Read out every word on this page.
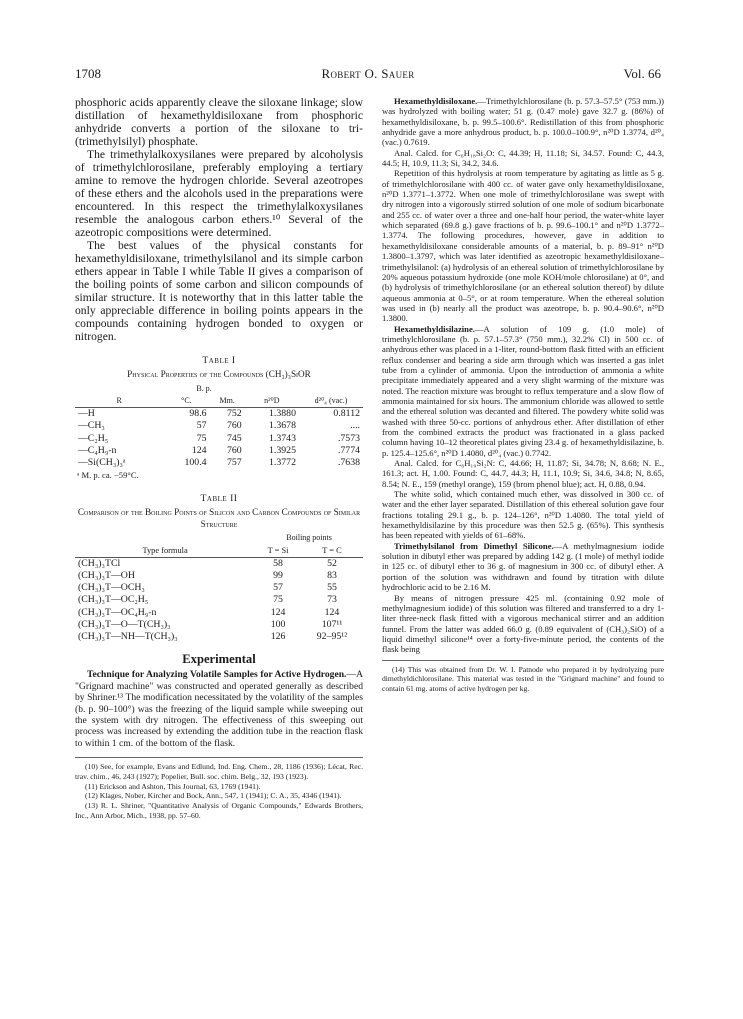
1708	Robert O. Sauer	Vol. 66

phosphoric acids apparently cleave the siloxane linkage; slow distillation of hexamethyldisiloxane from phosphoric anhydride converts a portion of the siloxane to tri-(trimethylsilyl) phosphate.

The trimethylalkoxysilanes were prepared by alcoholysis of trimethylchlorosilane, preferably employing a tertiary amine to remove the hydrogen chloride. Several azeotropes of these ethers and the alcohols used in the preparations were encountered. In this respect the trimethylalkoxysilanes resemble the analogous carbon ethers.¹⁰ Several of the azeotropic compositions were determined.

The best values of the physical constants for hexamethyldisiloxane, trimethylsilanol and its simple carbon ethers appear in Table I while Table II gives a comparison of the boiling points of some carbon and silicon compounds of similar structure. It is noteworthy that in this latter table the only appreciable difference in boiling points appears in the compounds containing hydrogen bonded to oxygen or nitrogen.

Table I
Physical Properties of the Compounds (CH₃)₃SiOR
	B. p.			
R	°C.	Mm.	n²⁰D	d²⁰₄ (vac.)
—H	98.6	752	1.3880	0.8112
—CH₃	57	760	1.3678	....
—C₂H₅	75	745	1.3743	.7573
—C₄H₉-n	124	760	1.3925	.7774
—Si(CH₃)₃ᵃ	100.4	757	1.3772	.7638
ᵃ M. p. ca. −59°C.
Table II
Comparison of the Boiling Points of Silicon and Carbon Compounds of Similar Structure
	Boiling points	
Type formula	T = Si	T = C
(CH₃)₃TCl	58	52
(CH₃)₃T—OH	99	83
(CH₃)₃T—OCH₃	57	55
(CH₃)₃T—OC₂H₅	75	73
(CH₃)₃T—OC₄H₉-n	124	124
(CH₃)₃T—O—T(CH₃)₃	100	107¹¹
(CH₃)₃T—NH—T(CH₃)₃	126	92–95¹²
Experimental

Technique for Analyzing Volatile Samples for Active Hydrogen.—A "Grignard machine" was constructed and operated generally as described by Shriner.¹³ The modification necessitated by the volatility of the samples (b. p. 90–100°) was the freezing of the liquid sample while sweeping out the system with dry nitrogen. The effectiveness of this sweeping out process was increased by extending the addition tube in the reaction flask to within 1 cm. of the bottom of the flask.

(10) See, for example, Evans and Edlund, Ind. Eng. Chem., 28, 1186 (1936); Lécat, Rec. trav. chim., 46, 243 (1927); Popelier, Bull. soc. chim. Belg., 32, 193 (1923).
(11) Erickson and Ashton, This Journal, 63, 1769 (1941).
(12) Klages, Nober, Kircher and Bock, Ann., 547, 1 (1941); C. A., 35, 4346 (1941).
(13) R. L. Shriner, "Quantitative Analysis of Organic Compounds," Edwards Brothers, Inc., Ann Arbor, Mich., 1938, pp. 57–60.

Hexamethyldisiloxane.—Trimethylchlorosilane (b. p. 57.3–57.5° (753 mm.)) was hydrolyzed with boiling water; 51 g. (0.47 mole) gave 32.7 g. (86%) of hexamethyldisiloxane, b. p. 99.5–100.6°. Redistillation of this from phosphoric anhydride gave a more anhydrous product, b. p. 100.0–100.9°, n²⁰D 1.3774, d²⁰₄ (vac.) 0.7619.

Anal. Calcd. for C₆H₁₈Si₂O: C, 44.39; H, 11.18; Si, 34.57. Found: C, 44.3, 44.5; H, 10.9, 11.3; Si, 34.2, 34.6.

Repetition of this hydrolysis at room temperature by agitating as little as 5 g. of trimethylchlorosilane with 400 cc. of water gave only hexamethyldisiloxane, n²⁰D 1.3771–1.3772. When one mole of trimethylchlorosilane was swept with dry nitrogen into a vigorously stirred solution of one mole of sodium bicarbonate and 255 cc. of water over a three and one-half hour period, the water-white layer which separated (69.8 g.) gave fractions of b. p. 99.6–100.1° and n²⁰D 1.3772–1.3774. The following procedures, however, gave in addition to hexamethyldisiloxane considerable amounts of a material, b. p. 89–91° n²⁰D 1.3800–1.3797, which was later identified as azeotropic hexamethyldisiloxane–trimethylsilanol: (a) hydrolysis of an ethereal solution of trimethylchlorosilane by 20% aqueous potassium hydroxide (one mole KOH/mole chlorosilane) at 0°, and (b) hydrolysis of trimethylchlorosilane (or an ethereal solution thereof) by dilute aqueous ammonia at 0–5°, or at room temperature. When the ethereal solution was used in (b) nearly all the product was azeotrope, b. p. 90.4–90.6°, n²⁰D 1.3800.

Hexamethyldisilazine.—A solution of 109 g. (1.0 mole) of trimethylchlorosilane (b. p. 57.1–57.3° (750 mm.), 32.2% Cl) in 500 cc. of anhydrous ether was placed in a 1-liter, round-bottom flask fitted with an efficient reflux condenser and bearing a side arm through which was inserted a gas inlet tube from a cylinder of ammonia. Upon the introduction of ammonia a white precipitate immediately appeared and a very slight warming of the mixture was noted. The reaction mixture was brought to reflux temperature and a slow flow of ammonia maintained for six hours. The ammonium chloride was allowed to settle and the ethereal solution was decanted and filtered. The powdery white solid was washed with three 50-cc. portions of anhydrous ether. After distillation of ether from the combined extracts the product was fractionated in a glass packed column having 10–12 theoretical plates giving 23.4 g. of hexamethyldisilazine, b. p. 125.4–125.6°, n²⁰D 1.4080, d²⁰₄ (vac.) 0.7742.

Anal. Calcd. for C₆H₁₉Si₂N: C, 44.66; H, 11.87; Si, 34.78; N, 8.68; N. E., 161.3; act. H, 1.00. Found: C, 44.7, 44.3; H, 11.1, 10.9; Si, 34.6, 34.8; N, 8.65, 8.54; N. E., 159 (methyl orange), 159 (brom phenol blue); act. H, 0.88, 0.94.

The white solid, which contained much ether, was dissolved in 300 cc. of water and the ether layer separated. Distillation of this ethereal solution gave four fractions totaling 29.1 g., b. p. 124–126°, n²⁰D 1.4080. The total yield of hexamethyldisilazine by this procedure was then 52.5 g. (65%). This synthesis has been repeated with yields of 61–68%.

Trimethylsilanol from Dimethyl Silicone.—A methylmagnesium iodide solution in dibutyl ether was prepared by adding 142 g. (1 mole) of methyl iodide in 125 cc. of dibutyl ether to 36 g. of magnesium in 300 cc. of dibutyl ether. A portion of the solution was withdrawn and found by titration with dilute hydrochloric acid to be 2.16 M.

By means of nitrogen pressure 425 ml. (containing 0.92 mole of methylmagnesium iodide) of this solution was filtered and transferred to a dry 1-liter three-neck flask fitted with a vigorous mechanical stirrer and an addition funnel. From the latter was added 66.0 g. (0.89 equivalent of (CH₃)₂SiO) of a liquid dimethyl silicone¹⁴ over a forty-five-minute period, the contents of the flask being

(14) This was obtained from Dr. W. I. Patnode who prepared it by hydrolyzing pure dimethyldichlorosilane. This material was tested in the "Grignard machine" and found to contain 61 mg. atoms of active hydrogen per kg.
